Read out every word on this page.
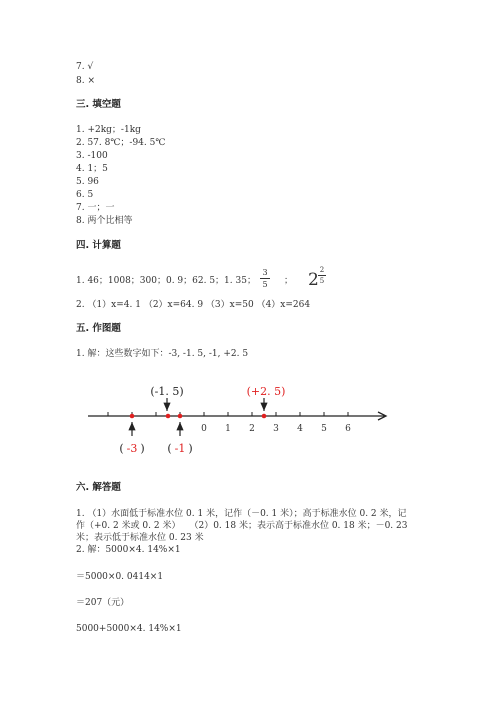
7. √
8. ×
三. 填空题
1. +2kg；-1kg
2. 57. 8℃；-94. 5℃
3. -100
4. 1；5
5. 96
6. 5
7. 一；一
8. 两个比相等
四. 计算题
1. 46；1008；300；0. 9；62. 5；1. 35；
3
5 ； 2 2
5
2. （1）x=4. 1 （2）x=64. 9 （3）x=50 （4）x=264
五. 作图题
1. 解：这些数字如下：-3, -1. 5, -1, +2. 5
0 1 2 3 4 5 6
(-1. 5)	(+2. 5)
( -3 ) ( -1 )
六. 解答题
1. （1）水面低于标准水位 0. 1 米，记作（－0. 1 米）；高于标准水位 0. 2 米，记
作（+0. 2 米或 0. 2 米）　　（2）0. 18 米；表示高于标准水位 0. 18 米；－0. 23
米；表示低于标准水位 0. 23 米
2. 解：5000×4. 14%×1
＝5000×0. 0414×1
＝207（元）
5000+5000×4. 14%×1
